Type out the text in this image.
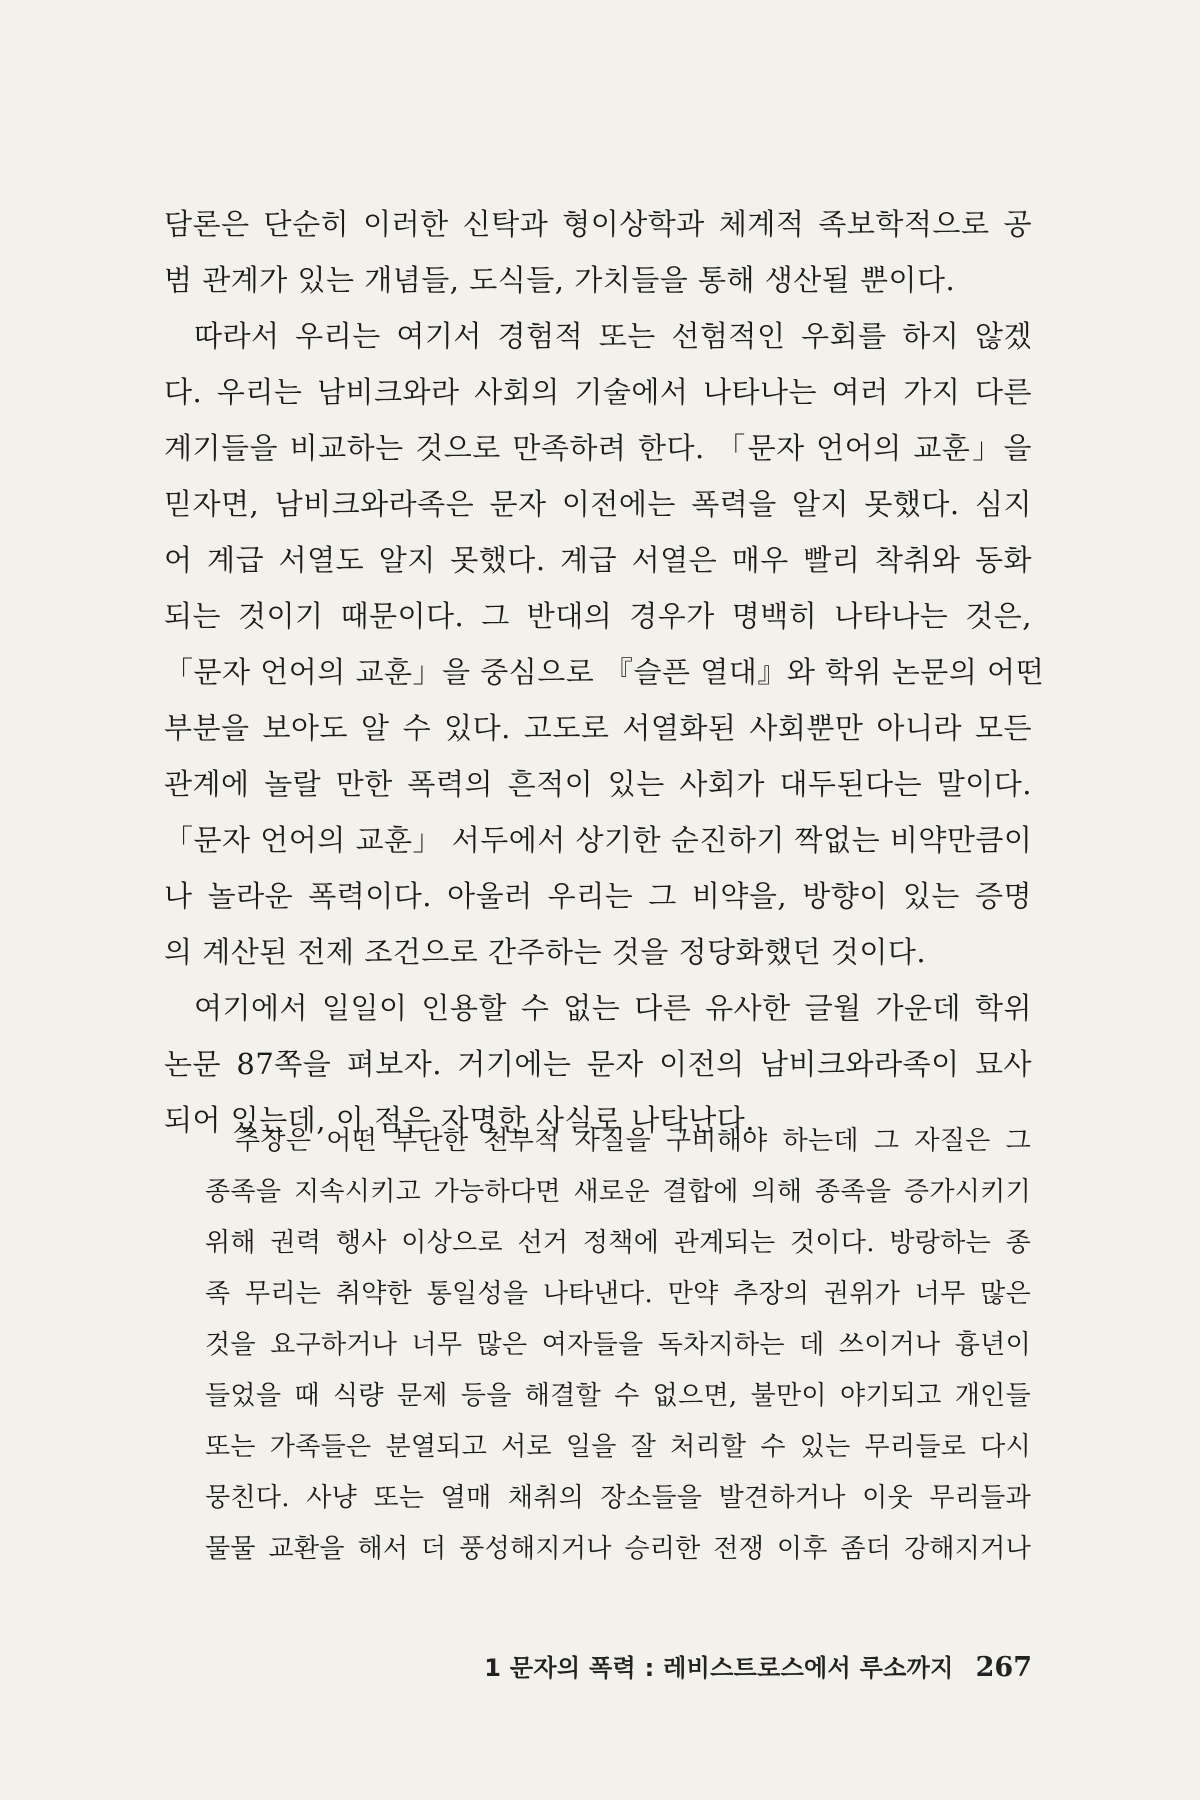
담론은 단순히 이러한 신탁과 형이상학과 체계적 족보학적으로 공

범 관계가 있는 개념들, 도식들, 가치들을 통해 생산될 뿐이다.

따라서 우리는 여기서 경험적 또는 선험적인 우회를 하지 않겠

다. 우리는 남비크와라 사회의 기술에서 나타나는 여러 가지 다른

계기들을 비교하는 것으로 만족하려 한다. 「문자 언어의 교훈」을

믿자면, 남비크와라족은 문자 이전에는 폭력을 알지 못했다. 심지

어 계급 서열도 알지 못했다. 계급 서열은 매우 빨리 착취와 동화

되는 것이기 때문이다. 그 반대의 경우가 명백히 나타나는 것은,

「문자 언어의 교훈」을 중심으로 『슬픈 열대』와 학위 논문의 어떤

부분을 보아도 알 수 있다. 고도로 서열화된 사회뿐만 아니라 모든

관계에 놀랄 만한 폭력의 흔적이 있는 사회가 대두된다는 말이다.

「문자 언어의 교훈」 서두에서 상기한 순진하기 짝없는 비약만큼이

나 놀라운 폭력이다. 아울러 우리는 그 비약을, 방향이 있는 증명

의 계산된 전제 조건으로 간주하는 것을 정당화했던 것이다.

여기에서 일일이 인용할 수 없는 다른 유사한 글월 가운데 학위

논문 87쪽을 펴보자. 거기에는 문자 이전의 남비크와라족이 묘사

되어 있는데, 이 점은 자명한 사실로 나타난다.

추장은 어떤 부단한 천부적 자질을 구비해야 하는데 그 자질은 그

종족을 지속시키고 가능하다면 새로운 결합에 의해 종족을 증가시키기

위해 권력 행사 이상으로 선거 정책에 관계되는 것이다. 방랑하는 종

족 무리는 취약한 통일성을 나타낸다. 만약 추장의 권위가 너무 많은

것을 요구하거나 너무 많은 여자들을 독차지하는 데 쓰이거나 흉년이

들었을 때 식량 문제 등을 해결할 수 없으면, 불만이 야기되고 개인들

또는 가족들은 분열되고 서로 일을 잘 처리할 수 있는 무리들로 다시

뭉친다. 사냥 또는 열매 채취의 장소들을 발견하거나 이웃 무리들과

물물 교환을 해서 더 풍성해지거나 승리한 전쟁 이후 좀더 강해지거나

1 문자의 폭력 : 레비스트로스에서 루소까지 267
